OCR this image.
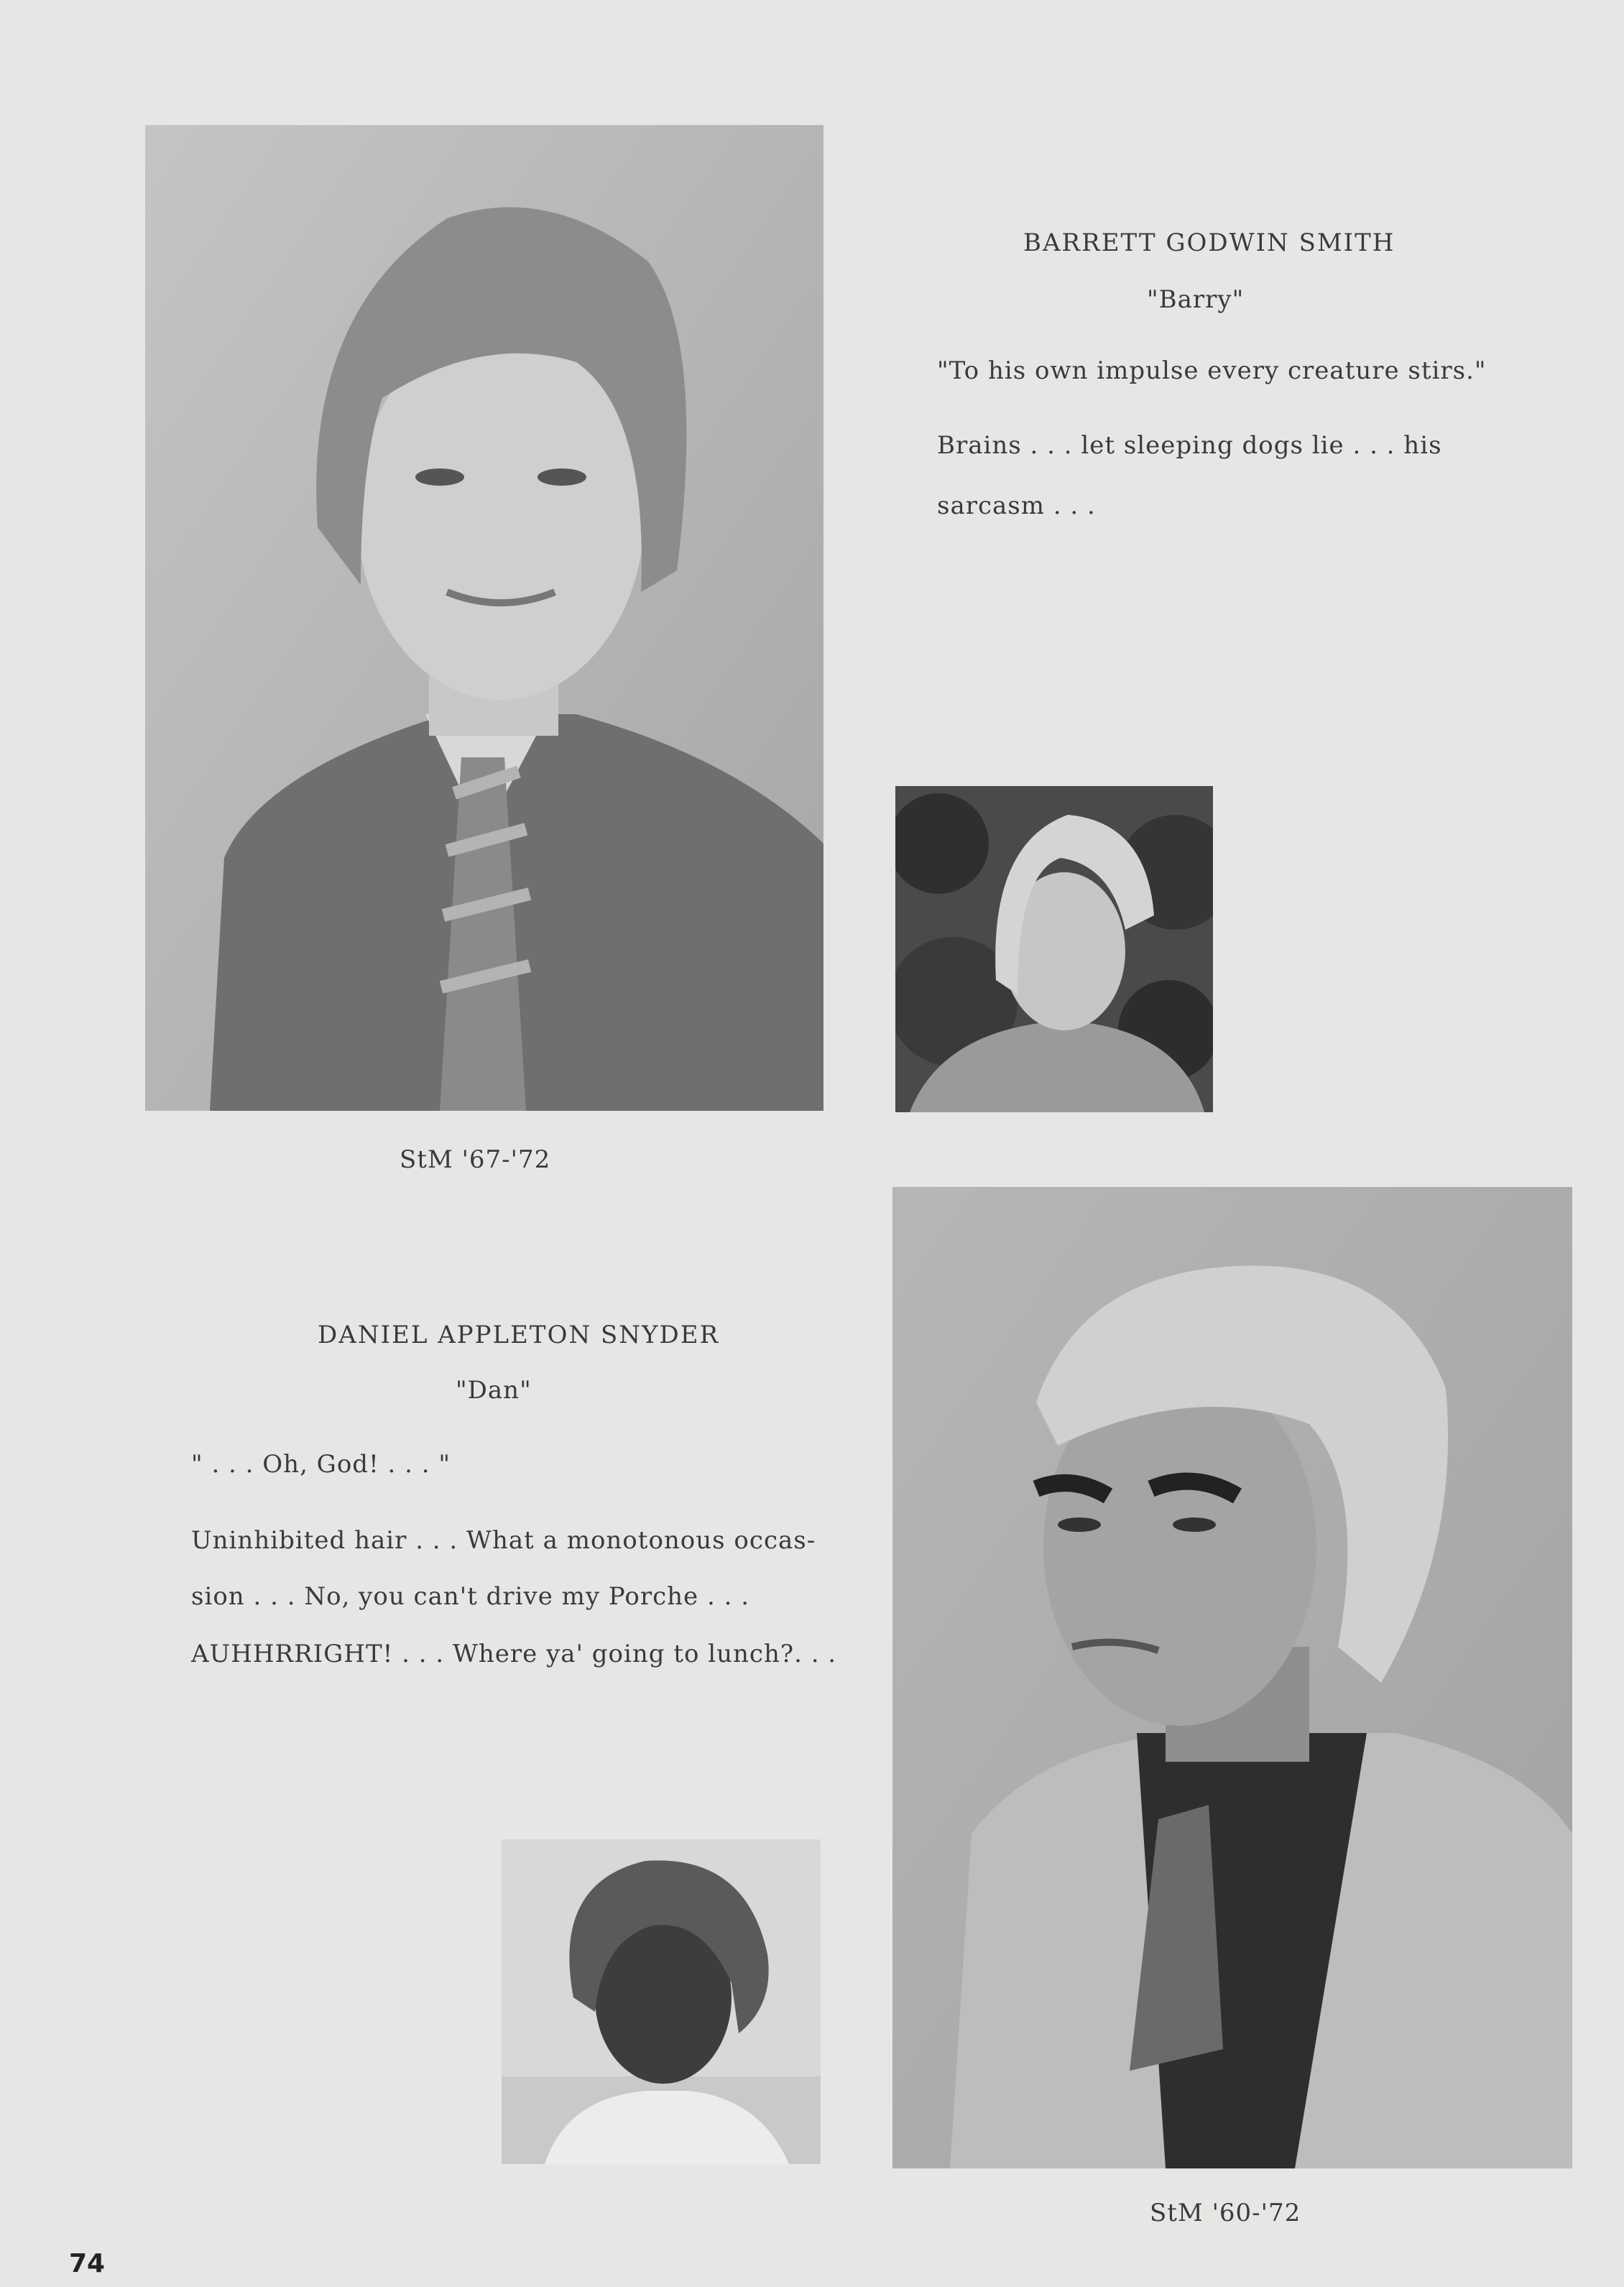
BARRETT GODWIN SMITH
"Barry"
"To his own impulse every creature stirs."
Brains . . . let sleeping dogs lie . . . his
sarcasm . . .
StM '67-'72
DANIEL APPLETON SNYDER
"Dan"
" . . . Oh, God! . . . "
Uninhibited hair . . . What a monotonous occas-
sion . . . No, you can't drive my Porche . . .
AUHHRRIGHT! . . . Where ya' going to lunch?. . .
StM '60-'72
74
